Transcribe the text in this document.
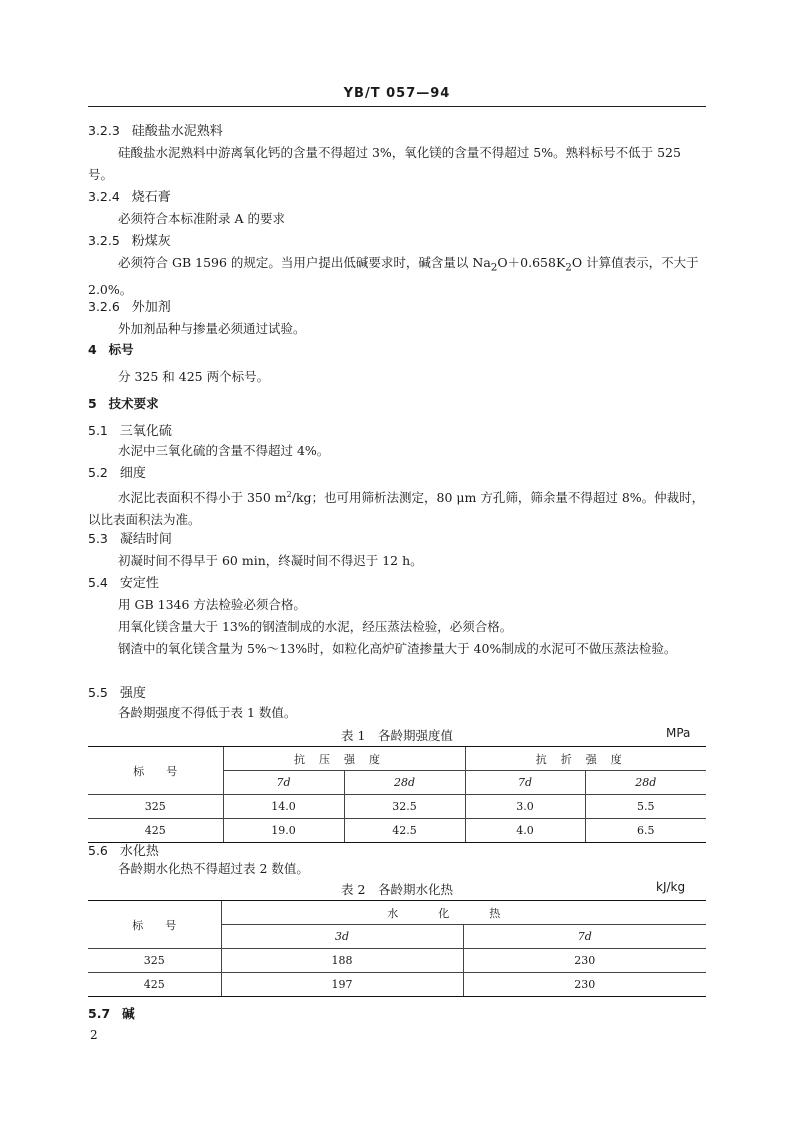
YB/T 057—94
3.2.3 硅酸盐水泥熟料
硅酸盐水泥熟料中游离氧化钙的含量不得超过 3%，氧化镁的含量不得超过 5%。熟料标号不低于 525 号。
3.2.4 烧石膏
必须符合本标准附录 A 的要求
3.2.5 粉煤灰
必须符合 GB 1596 的规定。当用户提出低碱要求时，碱含量以 $Na_2O+0.658K_2O$ 计算值表示，不大于 2.0%。
3.2.6 外加剂
外加剂品种与掺量必须通过试验。
4 标号
分 325 和 425 两个标号。
5 技术要求
5.1 三氧化硫
水泥中三氧化硫的含量不得超过 4%。
5.2 细度
水泥比表面积不得小于 350 $m^2/kg$；也可用筛析法测定，80 μm 方孔筛，筛余量不得超过 8%。仲裁时，以比表面积法为准。
5.3 凝结时间
初凝时间不得早于 60 min，终凝时间不得迟于 12 h。
5.4 安定性
用 GB 1346 方法检验必须合格。
用氧化镁含量大于 13%的钢渣制成的水泥，经压蒸法检验，必须合格。
钢渣中的氧化镁含量为 5%～13%时，如粒化高炉矿渣掺量大于 40%制成的水泥可不做压蒸法检验。
5.5 强度
各龄期强度不得低于表 1 数值。
表 1　各龄期强度值	MPa
标　　号	抗压强度		抗折强度	
	7d	28d	7d	28d
325	14.0	32.5	3.0	5.5
425	19.0	42.5	4.0	6.5
5.6 水化热
各龄期水化热不得超过表 2 数值。
表 2　各龄期水化热	kJ/kg
标　　号	水化热	
	3d	7d
325	188	230
425	197	230
5.7 碱
2
